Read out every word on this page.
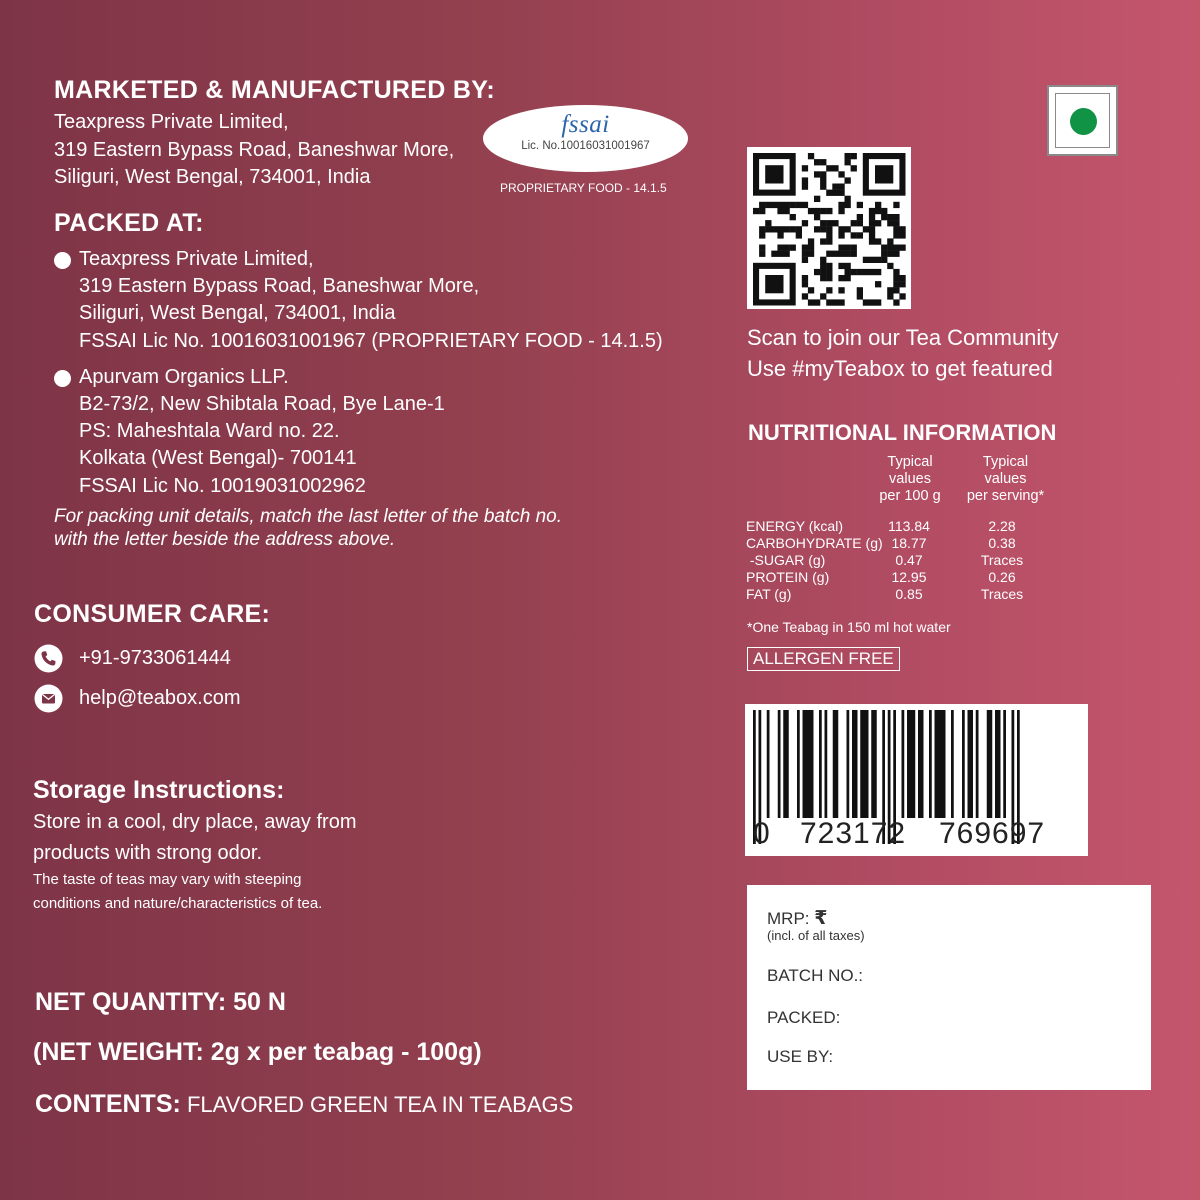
MARKETED & MANUFACTURED BY:
Teaxpress Private Limited,
319 Eastern Bypass Road, Baneshwar More,
Siliguri, West Bengal, 734001, India
fssai
Lic. No.10016031001967
PROPRIETARY FOOD - 14.1.5
PACKED AT:
Teaxpress Private Limited,
319 Eastern Bypass Road, Baneshwar More,
Siliguri, West Bengal, 734001, India
FSSAI Lic No. 10016031001967 (PROPRIETARY FOOD - 14.1.5)
Apurvam Organics LLP.
B2-73/2, New Shibtala Road, Bye Lane-1
PS: Maheshtala Ward no. 22.
Kolkata (West Bengal)- 700141
FSSAI Lic No. 10019031002962
For packing unit details, match the last letter of the batch no.
with the letter beside the address above.
CONSUMER CARE:
+91-9733061444
help@teabox.com
Storage Instructions:
Store in a cool, dry place, away from
products with strong odor.
The taste of teas may vary with steeping
conditions and nature/characteristics of tea.
NET QUANTITY: 50 N
(NET WEIGHT: 2g x per teabag - 100g)
CONTENTS: FLAVORED GREEN TEA IN TEABAGS
Scan to join our Tea Community
Use #myTeabox to get featured
NUTRITIONAL INFORMATION
Typical
values
per 100 g
Typical
values
per serving*
ENERGY (kcal)	113.84	2.28
CARBOHYDRATE (g) 18.77	0.38
-SUGAR (g)	0.47	Traces
PROTEIN (g)	12.95	0.26
FAT (g)	0.85	Traces
*One Teabag in 150 ml hot water
ALLERGEN FREE
0 723172 769697
MRP: ₹
(incl. of all taxes)
BATCH NO.:
PACKED:
USE BY:
